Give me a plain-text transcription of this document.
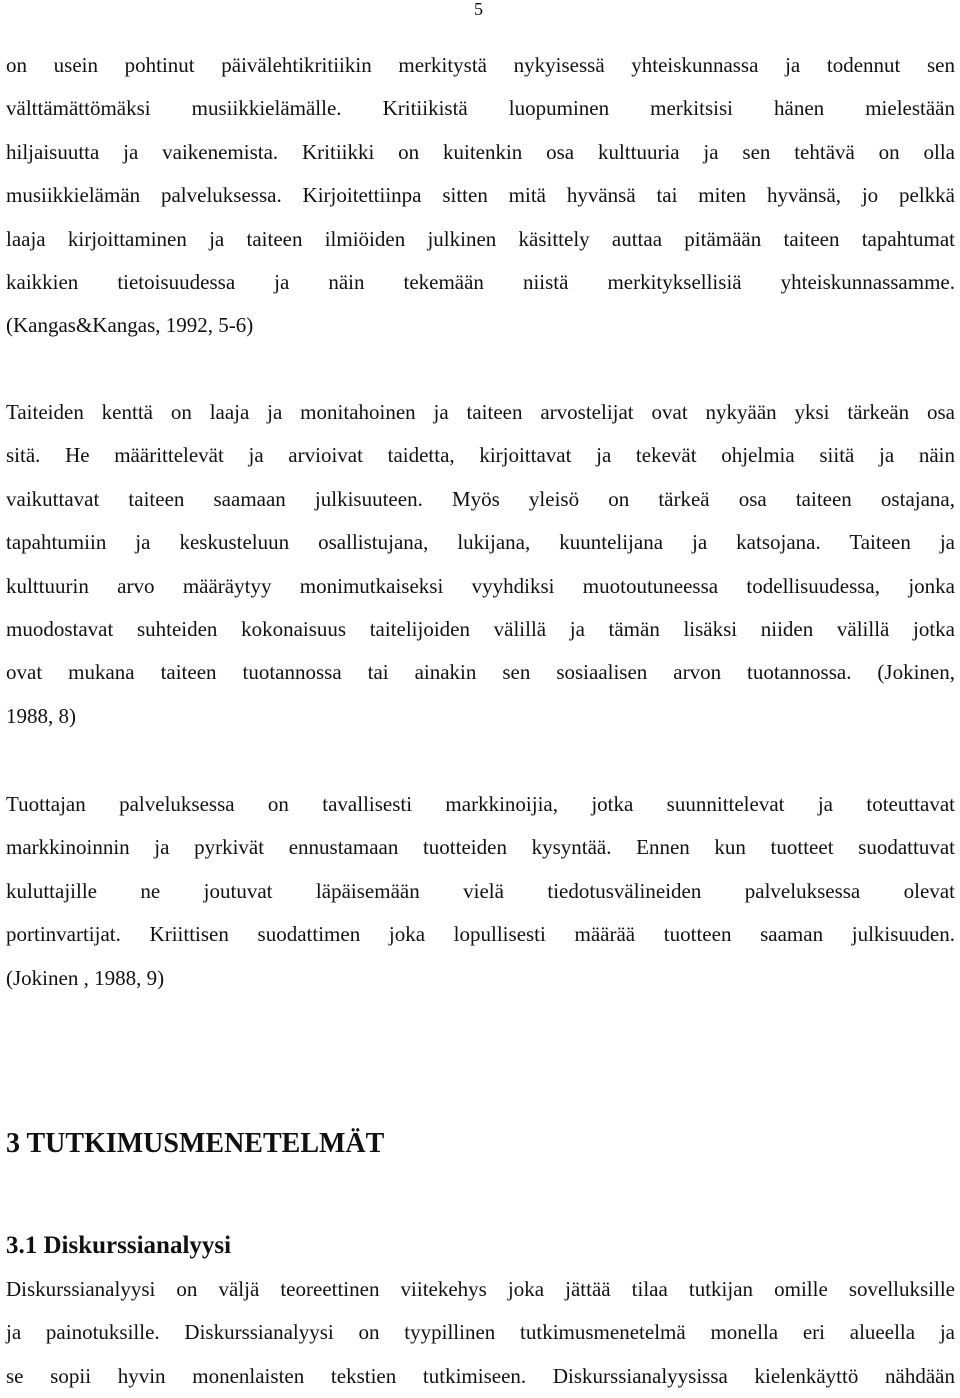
5
on usein pohtinut päivälehtikritiikin merkitystä nykyisessä yhteiskunnassa ja todennut sen
välttämättömäksi musiikkielämälle. Kritiikistä luopuminen merkitsisi hänen mielestään
hiljaisuutta ja vaikenemista. Kritiikki on kuitenkin osa kulttuuria ja sen tehtävä on olla
musiikkielämän palveluksessa. Kirjoitettiinpa sitten mitä hyvänsä tai miten hyvänsä, jo pelkkä
laaja kirjoittaminen ja taiteen ilmiöiden julkinen käsittely auttaa pitämään taiteen tapahtumat
kaikkien tietoisuudessa ja näin tekemään niistä merkityksellisiä yhteiskunnassamme.
(Kangas&Kangas, 1992, 5-6)
Taiteiden kenttä on laaja ja monitahoinen ja taiteen arvostelijat ovat nykyään yksi tärkeän osa
sitä. He määrittelevät ja arvioivat taidetta, kirjoittavat ja tekevät ohjelmia siitä ja näin
vaikuttavat taiteen saamaan julkisuuteen. Myös yleisö on tärkeä osa taiteen ostajana,
tapahtumiin ja keskusteluun osallistujana, lukijana, kuuntelijana ja katsojana. Taiteen ja
kulttuurin arvo määräytyy monimutkaiseksi vyyhdiksi muotoutuneessa todellisuudessa, jonka
muodostavat suhteiden kokonaisuus taitelijoiden välillä ja tämän lisäksi niiden välillä jotka
ovat mukana taiteen tuotannossa tai ainakin sen sosiaalisen arvon tuotannossa. (Jokinen,
1988, 8)
Tuottajan palveluksessa on tavallisesti markkinoijia, jotka suunnittelevat ja toteuttavat
markkinoinnin ja pyrkivät ennustamaan tuotteiden kysyntää. Ennen kun tuotteet suodattuvat
kuluttajille ne joutuvat läpäisemään vielä tiedotusvälineiden palveluksessa olevat
portinvartijat. Kriittisen suodattimen joka lopullisesti määrää tuotteen saaman julkisuuden.
(Jokinen , 1988, 9)
3 TUTKIMUSMENETELMÄT
3.1 Diskurssianalyysi
Diskurssianalyysi on väljä teoreettinen viitekehys joka jättää tilaa tutkijan omille sovelluksille
ja painotuksille. Diskurssianalyysi on tyypillinen tutkimusmenetelmä monella eri alueella ja
se sopii hyvin monenlaisten tekstien tutkimiseen. Diskurssianalyysissa kielenkäyttö nähdään
